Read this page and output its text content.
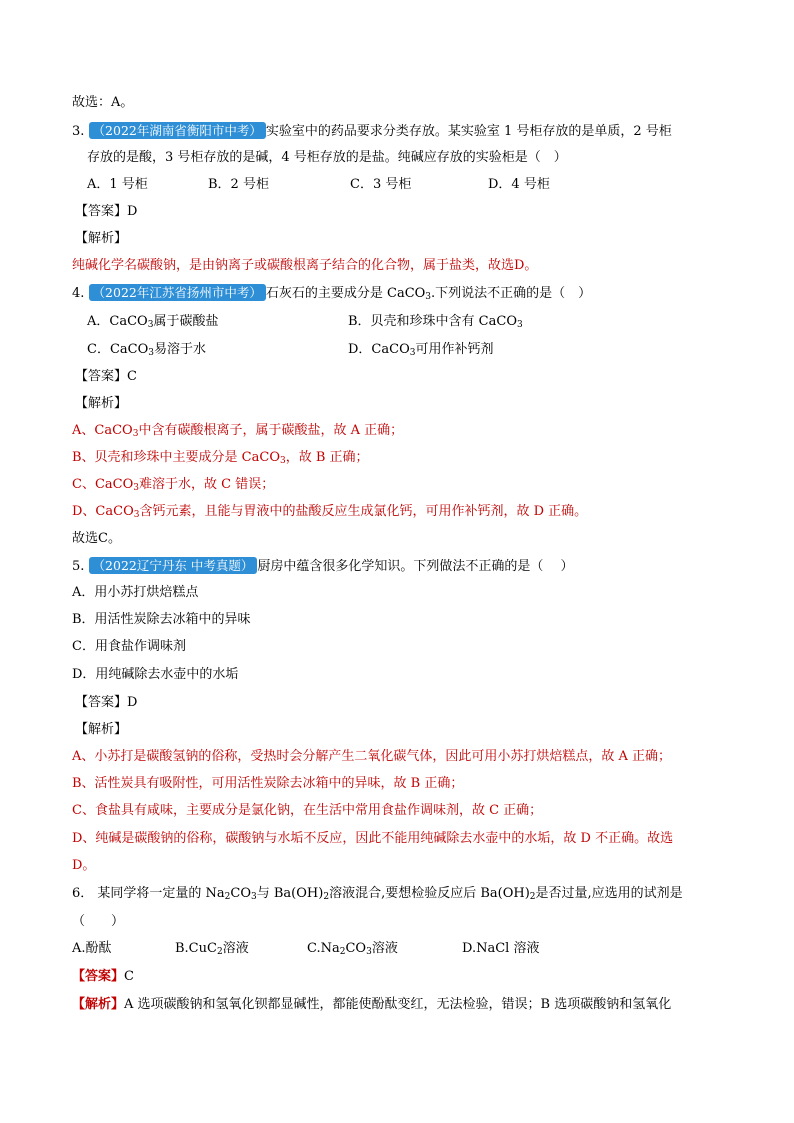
故选：A。
3. （2022年湖南省衡阳市中考） 实验室中的药品要求分类存放。某实验室 1 号柜存放的是单质，2 号柜
存放的是酸，3 号柜存放的是碱，4 号柜存放的是盐。纯碱应存放的实验柜是（　）
A．1 号柜	B．2 号柜	C．3 号柜	D．4 号柜
【答案】D
【解析】
纯碱化学名碳酸钠，是由钠离子或碳酸根离子结合的化合物，属于盐类，故选D。
4. （2022年江苏省扬州市中考） 石灰石的主要成分是 CaCO$_3$.下列说法不正确的是（　）
A．CaCO$_3$属于碳酸盐	B．贝壳和珍珠中含有 CaCO$_3$
C．CaCO$_3$易溶于水	D．CaCO$_3$可用作补钙剂
【答案】C
【解析】
A、CaCO$_3$中含有碳酸根离子，属于碳酸盐，故 A 正确；
B、贝壳和珍珠中主要成分是 CaCO$_3$，故 B 正确；
C、CaCO$_3$难溶于水，故 C 错误；
D、CaCO$_3$含钙元素，且能与胃液中的盐酸反应生成氯化钙，可用作补钙剂，故 D 正确。
故选C。
5. （2022辽宁丹东 中考真题） 厨房中蕴含很多化学知识。下列做法不正确的是（　 ）
A．用小苏打烘焙糕点
B．用活性炭除去冰箱中的异味
C．用食盐作调味剂
D．用纯碱除去水壶中的水垢
【答案】D
【解析】
A、小苏打是碳酸氢钠的俗称，受热时会分解产生二氧化碳气体，因此可用小苏打烘焙糕点，故 A 正确；
B、活性炭具有吸附性，可用活性炭除去冰箱中的异味，故 B 正确；
C、食盐具有咸味，主要成分是氯化钠，在生活中常用食盐作调味剂，故 C 正确；
D、纯碱是碳酸钠的俗称，碳酸钠与水垢不反应，因此不能用纯碱除去水壶中的水垢，故 D 不正确。故选
D。
6． 某同学将一定量的 $Na_2CO_3$与 $Ba(OH)_2$溶液混合,要想检验反应后 $Ba(OH)_2$是否过量,应选用的试剂是
（　　）
A.酚酞	B.CuC$_2$溶液	$C.Na_2CO_3$溶液	D.NaCl 溶液
【答案】C
【解析】A 选项碳酸钠和氢氧化钡都显碱性，都能使酚酞变红，无法检验，错误；B 选项碳酸钠和氢氧化
